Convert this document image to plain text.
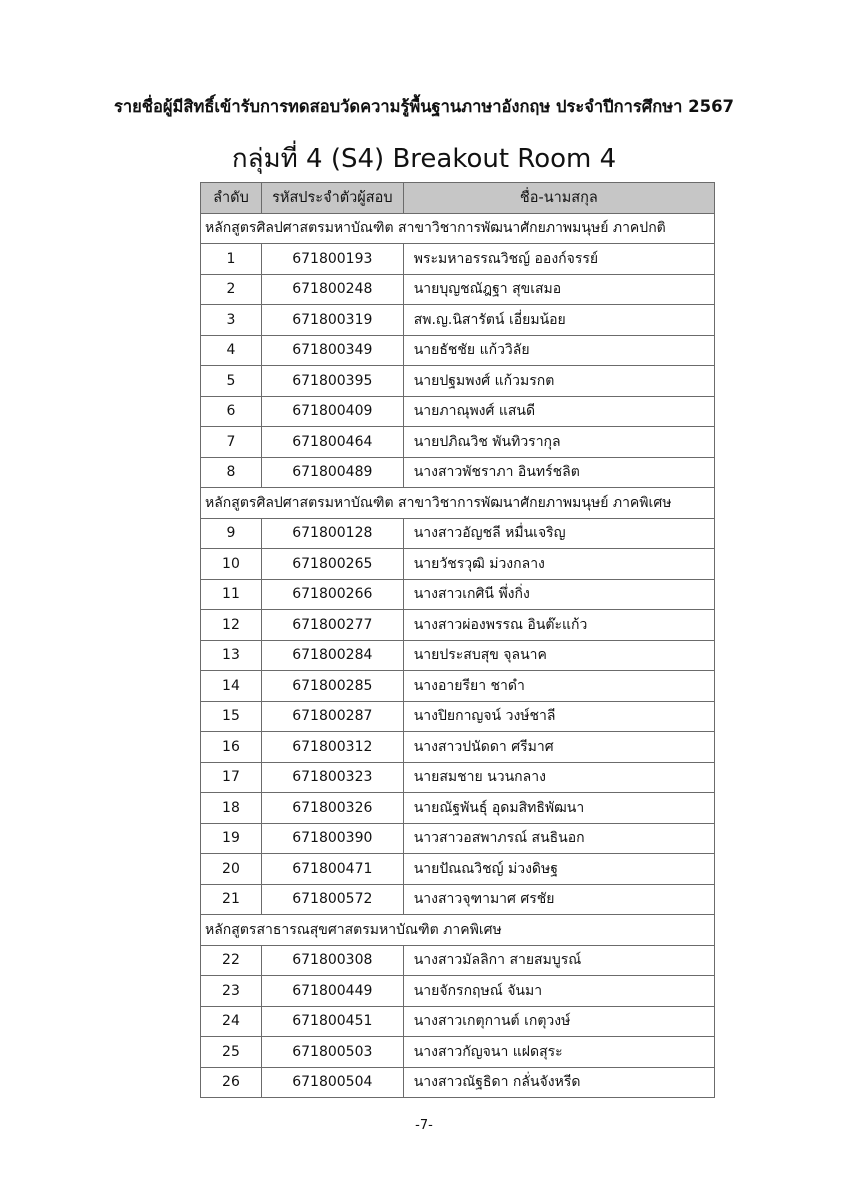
รายชื่อผู้มีสิทธิ์เข้ารับการทดสอบวัดความรู้พื้นฐานภาษาอังกฤษ ประจำปีการศึกษา 2567
กลุ่มที่ 4 (S4) Breakout Room 4
ลำดับ	รหัสประจำตัวผู้สอบ	ชื่อ-นามสกุล
หลักสูตรศิลปศาสตรมหาบัณฑิต สาขาวิชาการพัฒนาศักยภาพมนุษย์ ภาคปกติ		
1	671800193	พระมหาอรรณวิชญ์ อองก์จรรย์
2	671800248	นายบุญชณัฎฐา สุขเสมอ
3	671800319	สพ.ญ.นิสารัตน์ เอี่ยมน้อย
4	671800349	นายธัชชัย แก้ววิลัย
5	671800395	นายปฐมพงศ์ แก้วมรกต
6	671800409	นายภาณุพงศ์ แสนดี
7	671800464	นายปภิณวิช พันทิวรากุล
8	671800489	นางสาวพัชราภา อินทร์ชลิต
หลักสูตรศิลปศาสตรมหาบัณฑิต สาขาวิชาการพัฒนาศักยภาพมนุษย์ ภาคพิเศษ		
9	671800128	นางสาวอัญชลี หมื่นเจริญ
10	671800265	นายวัชรวุฒิ ม่วงกลาง
11	671800266	นางสาวเกศินี พึ่งกิ่ง
12	671800277	นางสาวผ่องพรรณ อินต๊ะแก้ว
13	671800284	นายประสบสุข จุลนาค
14	671800285	นางอายรียา ชาดำ
15	671800287	นางปิยกาญจน์ วงษ์ชาลี
16	671800312	นางสาวปนัดดา ศรีมาศ
17	671800323	นายสมชาย นวนกลาง
18	671800326	นายณัฐพันธุ์ อุดมสิทธิพัฒนา
19	671800390	นาวสาวอสพาภรณ์ สนธินอก
20	671800471	นายปัณณวิชญ์ ม่วงดิษฐ
21	671800572	นางสาวจุฑามาศ ศรชัย
หลักสูตรสาธารณสุขศาสตรมหาบัณฑิต ภาคพิเศษ		
22	671800308	นางสาวมัลลิกา สายสมบูรณ์
23	671800449	นายจักรกฤษณ์ จันมา
24	671800451	นางสาวเกตุกานต์ เกตุวงษ์
25	671800503	นางสาวกัญจนา แฝดสุระ
26	671800504	นางสาวณัฐธิดา กลั่นจังหรีด
-7-
